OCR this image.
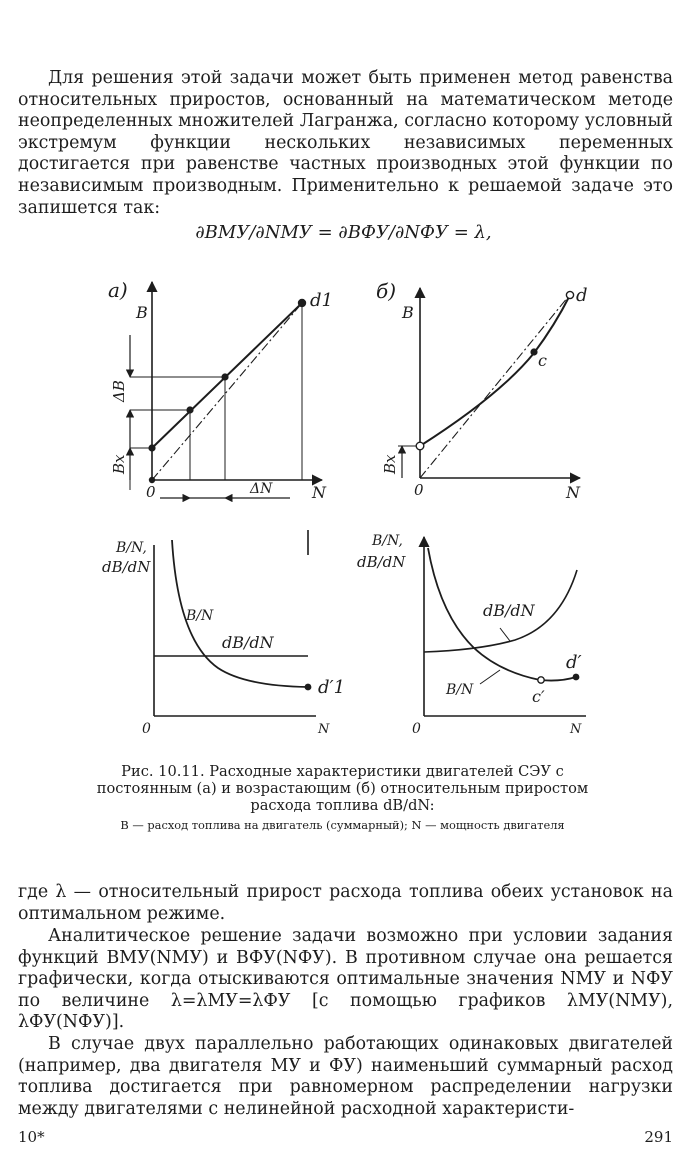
Для решения этой задачи может быть применен метод равенства относительных приростов, основанный на математическом методе неопределенных множителей Лагранжа, согласно которому условный экстремум функции нескольких независимых переменных достигается при равенстве частных производных этой функции по независимым производным. Применительно к решаемой задаче это запишется так:

∂BМУ/∂NМУ = ∂BФУ/∂NФУ = λ,

а)
B
d1
0	N
ΔN
ΔB
Bx
б)
B
d
c
0	N
Bx
B/N,
dB/dN
B/N
dB/dN
d′1
0	N
B/N,
dB/dN
dB/dN
B/N	c′
d′
0	N

Рис. 10.11. Расходные характеристики двигателей СЭУ с постоянным (а) и возрастающим (б) относительным приростом расхода топлива dB/dN:

B — расход топлива на двигатель (суммарный); N — мощность двигателя

где λ — относительный прирост расхода топлива обеих установок на оптимальном режиме.

Аналитическое решение задачи возможно при условии задания функций BМУ(NМУ) и BФУ(NФУ). В противном случае она решается графически, когда отыскиваются оптимальные значения NМУ и NФУ по величине λ=λМУ=λФУ [с помощью графиков λМУ(NМУ), λФУ(NФУ)].

В случае двух параллельно работающих одинаковых двигателей (например, два двигателя МУ и ФУ) наименьший суммарный расход топлива достигается при равномерном распределении нагрузки между двигателями с нелинейной расходной характеристи-

10*	291
